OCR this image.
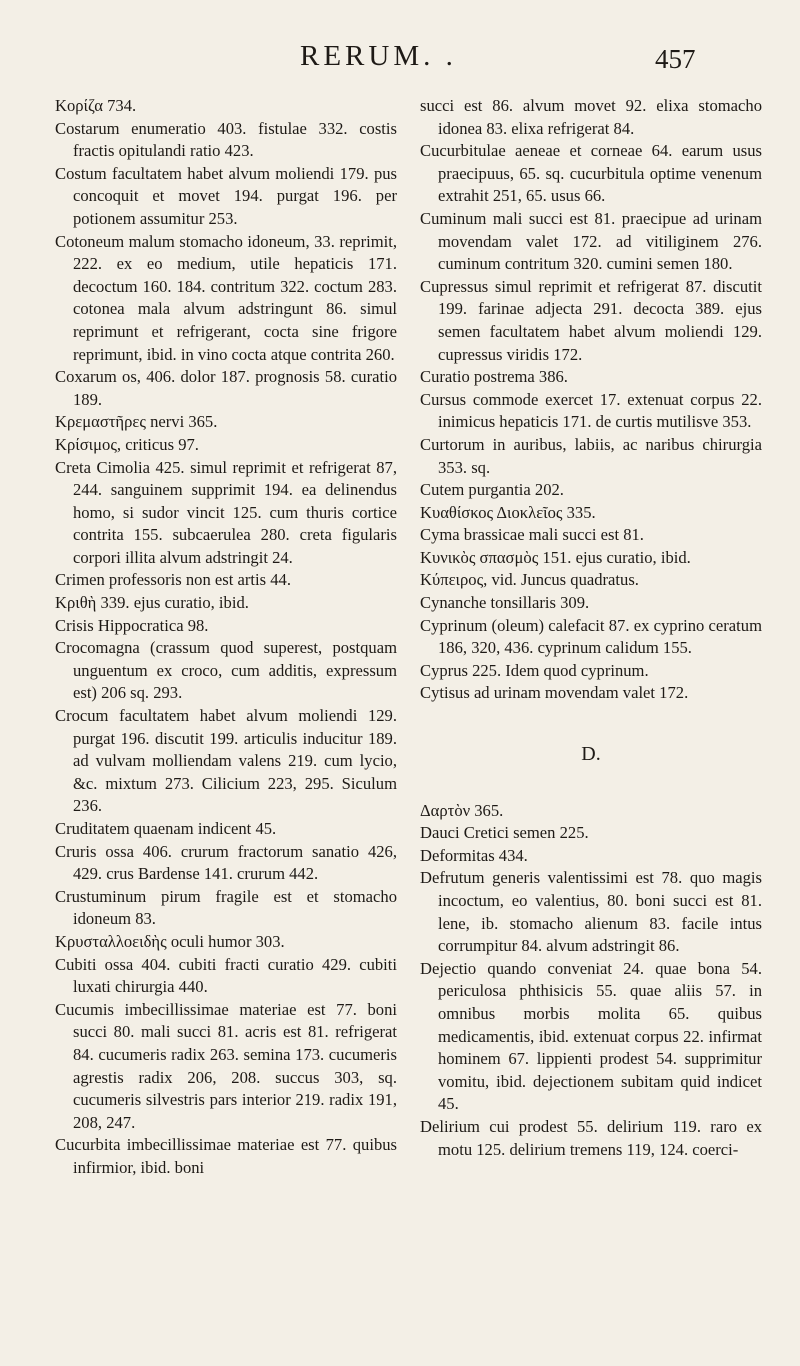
RERUM. .	457

Κορίζα 734.

Costarum enumeratio 403. fistulae 332. costis fractis opitulandi ratio 423.

Costum facultatem habet alvum moliendi 179. pus concoquit et movet 194. purgat 196. per potionem assumitur 253.

Cotoneum malum stomacho idoneum, 33. reprimit, 222. ex eo medium, utile hepaticis 171. decoctum 160. 184. contritum 322. coctum 283. cotonea mala alvum adstringunt 86. simul reprimunt et refrigerant, cocta sine frigore reprimunt, ibid. in vino cocta atque contrita 260.

Coxarum os, 406. dolor 187. prognosis 58. curatio 189.

Κρεμαστῆρες nervi 365.

Κρίσιμος, criticus 97.

Creta Cimolia 425. simul reprimit et refrigerat 87, 244. sanguinem supprimit 194. ea delinendus homo, si sudor vincit 125. cum thuris cortice contrita 155. subcaerulea 280. creta figularis corpori illita alvum adstringit 24.

Crimen professoris non est artis 44.

Κριθὴ 339. ejus curatio, ibid.

Crisis Hippocratica 98.

Crocomagna (crassum quod superest, postquam unguentum ex croco, cum additis, expressum est) 206 sq. 293.

Crocum facultatem habet alvum moliendi 129. purgat 196. discutit 199. articulis inducitur 189. ad vulvam molliendam valens 219. cum lycio, &c. mixtum 273. Cilicium 223, 295. Siculum 236.

Cruditatem quaenam indicent 45.

Cruris ossa 406. crurum fractorum sanatio 426, 429. crus Bardense 141. crurum 442.

Crustuminum pirum fragile est et stomacho idoneum 83.

Κρυσταλλοειδὴς oculi humor 303.

Cubiti ossa 404. cubiti fracti curatio 429. cubiti luxati chirurgia 440.

Cucumis imbecillissimae materiae est 77. boni succi 80. mali succi 81. acris est 81. refrigerat 84. cucumeris radix 263. semina 173. cucumeris agrestis radix 206, 208. succus 303, sq. cucumeris silvestris pars interior 219. radix 191, 208, 247.

Cucurbita imbecillissimae materiae est 77. quibus infirmior, ibid. boni

succi est 86. alvum movet 92. elixa stomacho idonea 83. elixa refrigerat 84.

Cucurbitulae aeneae et corneae 64. earum usus praecipuus, 65. sq. cucurbitula optime venenum extrahit 251, 65. usus 66.

Cuminum mali succi est 81. praecipue ad urinam movendam valet 172. ad vitiliginem 276. cuminum contritum 320. cumini semen 180.

Cupressus simul reprimit et refrigerat 87. discutit 199. farinae adjecta 291. decocta 389. ejus semen facultatem habet alvum moliendi 129. cupressus viridis 172.

Curatio postrema 386.

Cursus commode exercet 17. extenuat corpus 22. inimicus hepaticis 171. de curtis mutilisve 353.

Curtorum in auribus, labiis, ac naribus chirurgia 353. sq.

Cutem purgantia 202.

Κυαθίσκος Διοκλεῖος 335.

Cyma brassicae mali succi est 81.

Κυνικὸς σπασμὸς 151. ejus curatio, ibid.

Κύπειρος, vid. Juncus quadratus.

Cynanche tonsillaris 309.

Cyprinum (oleum) calefacit 87. ex cyprino ceratum 186, 320, 436. cyprinum calidum 155.

Cyprus 225. Idem quod cyprinum.

Cytisus ad urinam movendam valet 172.

D.

Δαρτὸν 365.

Dauci Cretici semen 225.

Deformitas 434.

Defrutum generis valentissimi est 78. quo magis incoctum, eo valentius, 80. boni succi est 81. lene, ib. stomacho alienum 83. facile intus corrumpitur 84. alvum adstringit 86.

Dejectio quando conveniat 24. quae bona 54. periculosa phthisicis 55. quae aliis 57. in omnibus morbis molita 65. quibus medicamentis, ibid. extenuat corpus 22. infirmat hominem 67. lippienti prodest 54. supprimitur vomitu, ibid. dejectionem subitam quid indicet 45.

Delirium cui prodest 55. delirium 119. raro ex motu 125. delirium tremens 119, 124. coerci-
